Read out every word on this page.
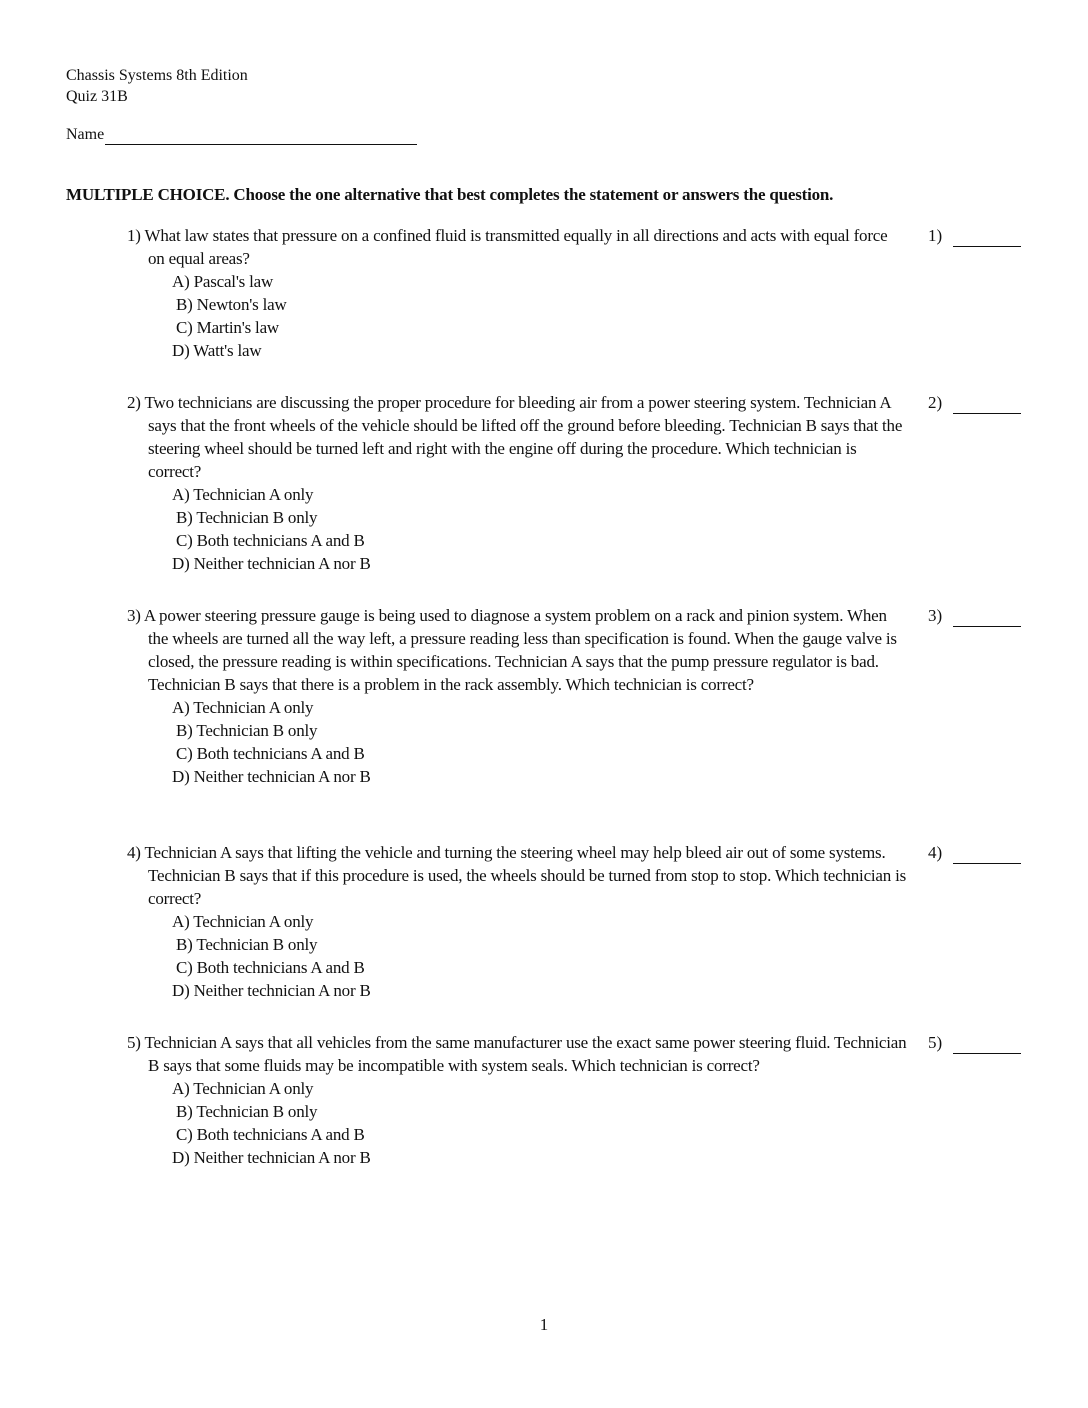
Chassis Systems 8th Edition
Quiz 31B
Name
MULTIPLE CHOICE. Choose the one alternative that best completes the statement or answers the question.
1) What law states that pressure on a confined fluid is transmitted equally in all directions and acts with equal force on equal areas?
A) Pascal's law
B) Newton's law
C) Martin's law
D) Watt's law
1)
2) Two technicians are discussing the proper procedure for bleeding air from a power steering system. Technician A says that the front wheels of the vehicle should be lifted off the ground before bleeding. Technician B says that the steering wheel should be turned left and right with the engine off during the procedure. Which technician is correct?
A) Technician A only
B) Technician B only
C) Both technicians A and B
D) Neither technician A nor B
2)
3) A power steering pressure gauge is being used to diagnose a system problem on a rack and pinion system. When the wheels are turned all the way left, a pressure reading less than specification is found. When the gauge valve is closed, the pressure reading is within specifications. Technician A says that the pump pressure regulator is bad. Technician B says that there is a problem in the rack assembly. Which technician is correct?
A) Technician A only
B) Technician B only
C) Both technicians A and B
D) Neither technician A nor B
3)
4) Technician A says that lifting the vehicle and turning the steering wheel may help bleed air out of some systems. Technician B says that if this procedure is used, the wheels should be turned from stop to stop. Which technician is correct?
A) Technician A only
B) Technician B only
C) Both technicians A and B
D) Neither technician A nor B
4)
5) Technician A says that all vehicles from the same manufacturer use the exact same power steering fluid. Technician B says that some fluids may be incompatible with system seals. Which technician is correct?
A) Technician A only
B) Technician B only
C) Both technicians A and B
D) Neither technician A nor B
5)
1
